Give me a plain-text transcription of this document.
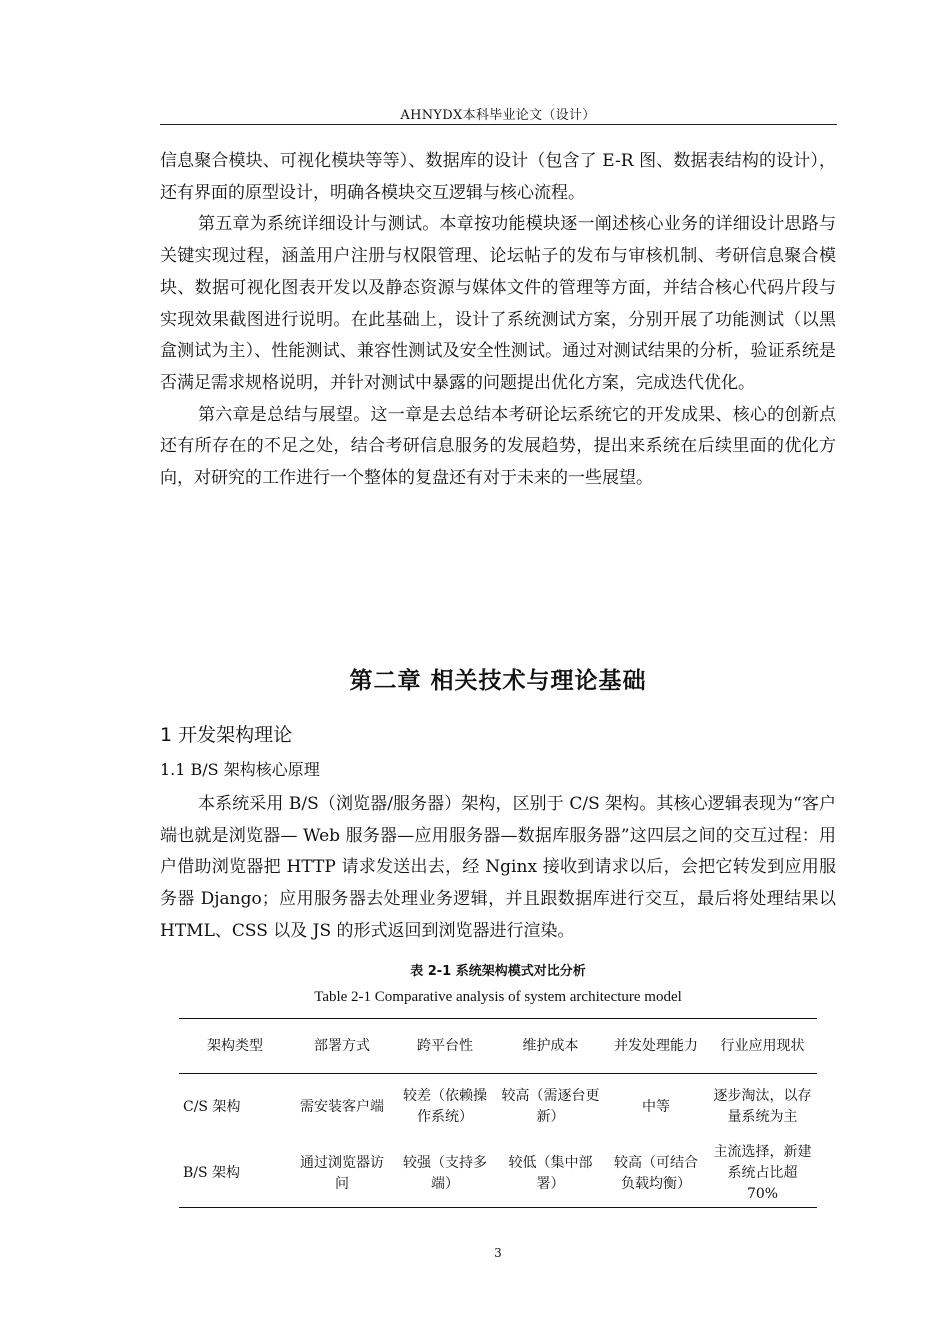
AHNYDX本科毕业论文（设计）

信息聚合模块、可视化模块等等）、数据库的设计（包含了 E-R 图、数据表结构的设计），还有界面的原型设计，明确各模块交互逻辑与核心流程。

第五章为系统详细设计与测试。本章按功能模块逐一阐述核心业务的详细设计思路与关键实现过程，涵盖用户注册与权限管理、论坛帖子的发布与审核机制、考研信息聚合模块、数据可视化图表开发以及静态资源与媒体文件的管理等方面，并结合核心代码片段与实现效果截图进行说明。在此基础上，设计了系统测试方案，分别开展了功能测试（以黑盒测试为主）、性能测试、兼容性测试及安全性测试。通过对测试结果的分析，验证系统是否满足需求规格说明，并针对测试中暴露的问题提出优化方案，完成迭代优化。

第六章是总结与展望。这一章是去总结本考研论坛系统它的开发成果、核心的创新点还有所存在的不足之处，结合考研信息服务的发展趋势，提出来系统在后续里面的优化方向，对研究的工作进行一个整体的复盘还有对于未来的一些展望。

第二章 相关技术与理论基础
1 开发架构理论
1.1 B/S 架构核心原理

本系统采用 B/S（浏览器/服务器）架构，区别于 C/S 架构。其核心逻辑表现为“客户端也就是浏览器— Web 服务器—应用服务器—数据库服务器”这四层之间的交互过程：用户借助浏览器把 HTTP 请求发送出去，经 Nginx 接收到请求以后，会把它转发到应用服务器 Django；应用服务器去处理业务逻辑，并且跟数据库进行交互，最后将处理结果以 HTML、CSS 以及 JS 的形式返回到浏览器进行渲染。

表 2-1 系统架构模式对比分析
Table 2-1 Comparative analysis of system architecture model
架构类型	部署方式	跨平台性	维护成本	并发处理能力	行业应用现状
C/S 架构	需安装客户端	较差（依赖操作系统）	较高（需逐台更新）	中等	逐步淘汰，以存量系统为主
B/S 架构	通过浏览器访问	较强（支持多端）	较低（集中部署）	较高（可结合负载均衡）	主流选择，新建系统占比超 70%
3
